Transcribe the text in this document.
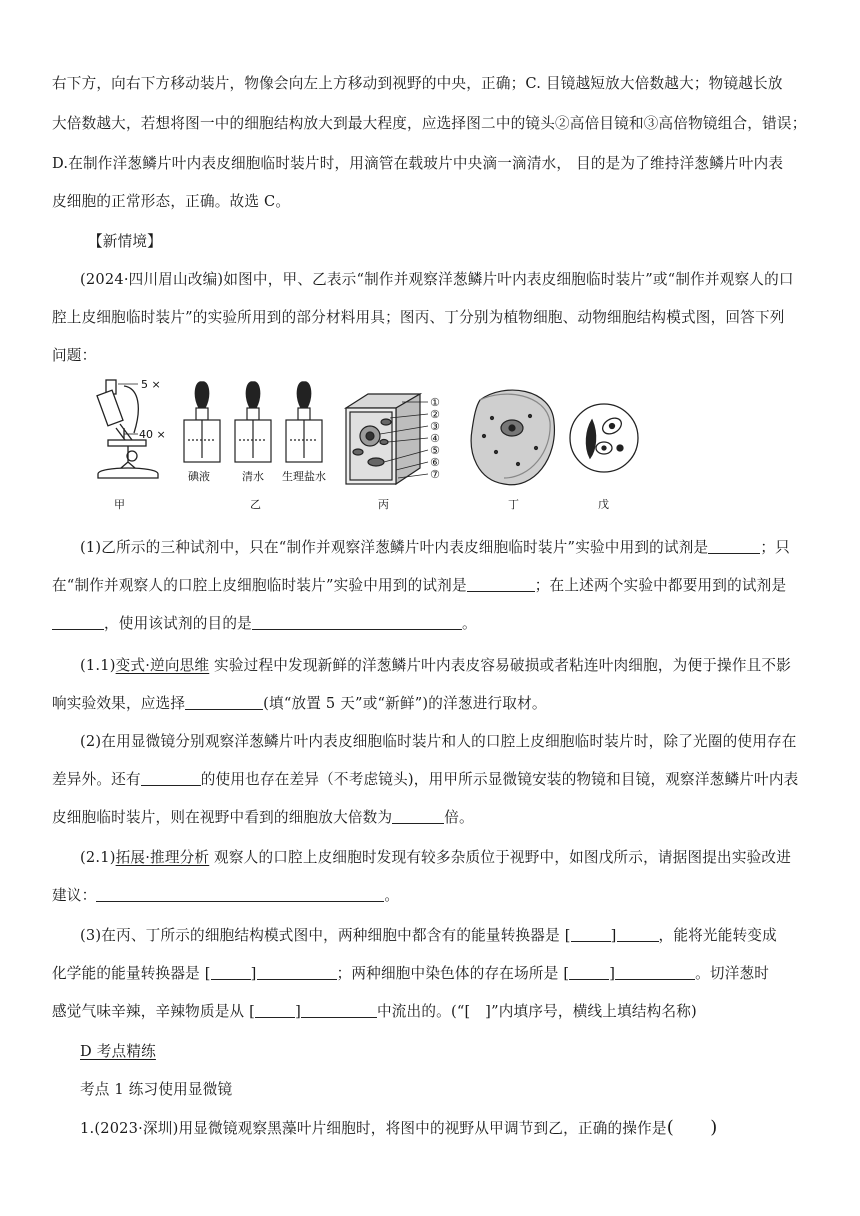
右下方，向右下方移动装片，物像会向左上方移动到视野的中央，正确；C. 目镜越短放大倍数越大；物镜越长放
大倍数越大，若想将图一中的细胞结构放大到最大程度，应选择图二中的镜头②高倍目镜和③高倍物镜组合，错误；
D.在制作洋葱鳞片叶内表皮细胞临时装片时，用滴管在载玻片中央滴一滴清水， 目的是为了维持洋葱鳞片叶内表
皮细胞的正常形态，正确。故选 C。
【新情境】
(2024·四川眉山改编)如图中，甲、乙表示“制作并观察洋葱鳞片叶内表皮细胞临时装片”或“制作并观察人的口
腔上皮细胞临时装片”的实验所用到的部分材料用具；图丙、丁分别为植物细胞、动物细胞结构模式图，回答下列
问题：
5 ×
40 ×
甲
碘液	清水 生理盐水
乙
①
②
③
④
⑤
⑥
⑦
丙	丁	戊
(1)乙所示的三种试剂中，只在“制作并观察洋葱鳞片叶内表皮细胞临时装片”实验中用到的试剂是	；只
在“制作并观察人的口腔上皮细胞临时装片”实验中用到的试剂是	；在上述两个实验中都要用到的试剂是
，使用该试剂的目的是	。
(1.1)变式·逆向思维 实验过程中发现新鲜的洋葱鳞片叶内表皮容易破损或者粘连叶肉细胞，为便于操作且不影
响实验效果，应选择	(填“放置 5 天”或“新鲜”)的洋葱进行取材。
(2)在用显微镜分别观察洋葱鳞片叶内表皮细胞临时装片和人的口腔上皮细胞临时装片时，除了光圈的使用存在
差异外。还有	的使用也存在差异（不考虑镜头)，用甲所示显微镜安装的物镜和目镜，观察洋葱鳞片叶内表
皮细胞临时装片，则在视野中看到的细胞放大倍数为	倍。
(2.1)拓展·推理分析 观察人的口腔上皮细胞时发现有较多杂质位于视野中，如图戊所示，请据图提出实验改进
建议：	。
(3)在丙、丁所示的细胞结构模式图中，两种细胞中都含有的能量转换器是 [	]	，能将光能转变成
化学能的能量转换器是 [	]	；两种细胞中染色体的存在场所是 [	]	。切洋葱时
感觉气味辛辣，辛辣物质是从 [	]	中流出的。(“[　]”内填序号，横线上填结构名称)
D 考点精练
考点 1 练习使用显微镜
1.(2023·深圳)用显微镜观察黑藻叶片细胞时，将图中的视野从甲调节到乙，正确的操作是(　　)
